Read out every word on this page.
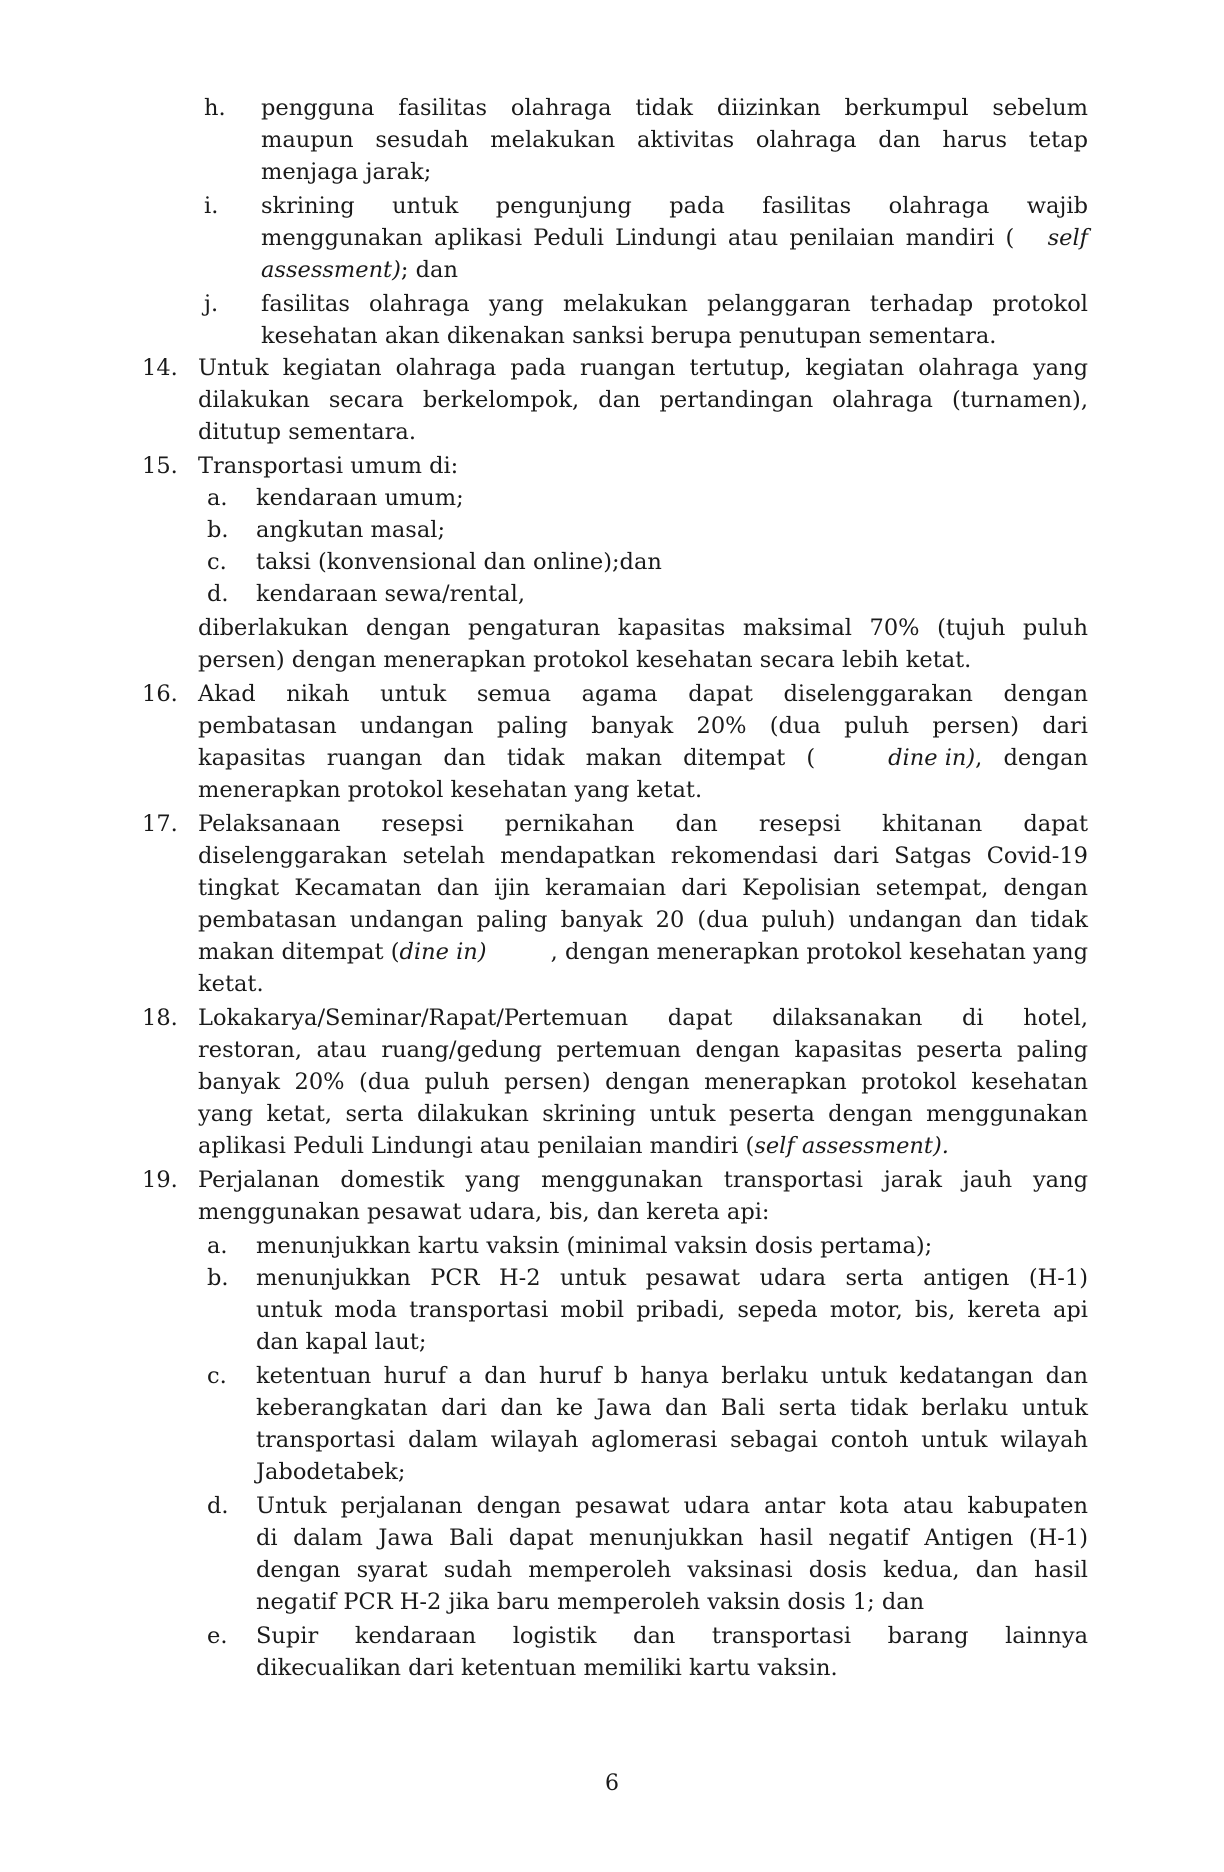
h. pengguna fasilitas olahraga tidak diizinkan berkumpul sebelum
maupun sesudah melakukan aktivitas olahraga dan harus tetap
menjaga jarak;
i. skrining untuk pengunjung pada fasilitas olahraga wajib
menggunakan aplikasi Peduli Lindungi atau penilaian mandiri ( self
assessment); dan
j. fasilitas olahraga yang melakukan pelanggaran terhadap protokol
kesehatan akan dikenakan sanksi berupa penutupan sementara.
14. Untuk kegiatan olahraga pada ruangan tertutup, kegiatan olahraga yang
dilakukan secara berkelompok, dan pertandingan olahraga (turnamen),
ditutup sementara.
15. Transportasi umum di:
a. kendaraan umum;
b. angkutan masal;
c. taksi (konvensional dan online);dan
d. kendaraan sewa/rental,
diberlakukan dengan pengaturan kapasitas maksimal 70% (tujuh puluh
persen) dengan menerapkan protokol kesehatan secara lebih ketat.
16. Akad nikah untuk semua agama dapat diselenggarakan dengan
pembatasan undangan paling banyak 20% (dua puluh persen) dari
kapasitas ruangan dan tidak makan ditempat (	dine in), dengan
menerapkan protokol kesehatan yang ketat.
17. Pelaksanaan resepsi pernikahan dan resepsi khitanan dapat
diselenggarakan setelah mendapatkan rekomendasi dari Satgas Covid-19
tingkat Kecamatan dan ijin keramaian dari Kepolisian setempat, dengan
pembatasan undangan paling banyak 20 (dua puluh) undangan dan tidak
makan ditempat (dine in)	, dengan menerapkan protokol kesehatan yang
ketat.
18. Lokakarya/Seminar/Rapat/Pertemuan dapat dilaksanakan di hotel,
restoran, atau ruang/gedung pertemuan dengan kapasitas peserta paling
banyak 20% (dua puluh persen) dengan menerapkan protokol kesehatan
yang ketat, serta dilakukan skrining untuk peserta dengan menggunakan
aplikasi Peduli Lindungi atau penilaian mandiri (self assessment).
19. Perjalanan domestik yang menggunakan transportasi jarak jauh yang
menggunakan pesawat udara, bis, dan kereta api:
a. menunjukkan kartu vaksin (minimal vaksin dosis pertama);
b. menunjukkan PCR H-2 untuk pesawat udara serta antigen (H-1)
untuk moda transportasi mobil pribadi, sepeda motor, bis, kereta api
dan kapal laut;
c. ketentuan huruf a dan huruf b hanya berlaku untuk kedatangan dan
keberangkatan dari dan ke Jawa dan Bali serta tidak berlaku untuk
transportasi dalam wilayah aglomerasi sebagai contoh untuk wilayah
Jabodetabek;
d. Untuk perjalanan dengan pesawat udara antar kota atau kabupaten
di dalam Jawa Bali dapat menunjukkan hasil negatif Antigen (H-1)
dengan syarat sudah memperoleh vaksinasi dosis kedua, dan hasil
negatif PCR H-2 jika baru memperoleh vaksin dosis 1; dan
e. Supir kendaraan logistik dan transportasi barang lainnya
dikecualikan dari ketentuan memiliki kartu vaksin.
6
